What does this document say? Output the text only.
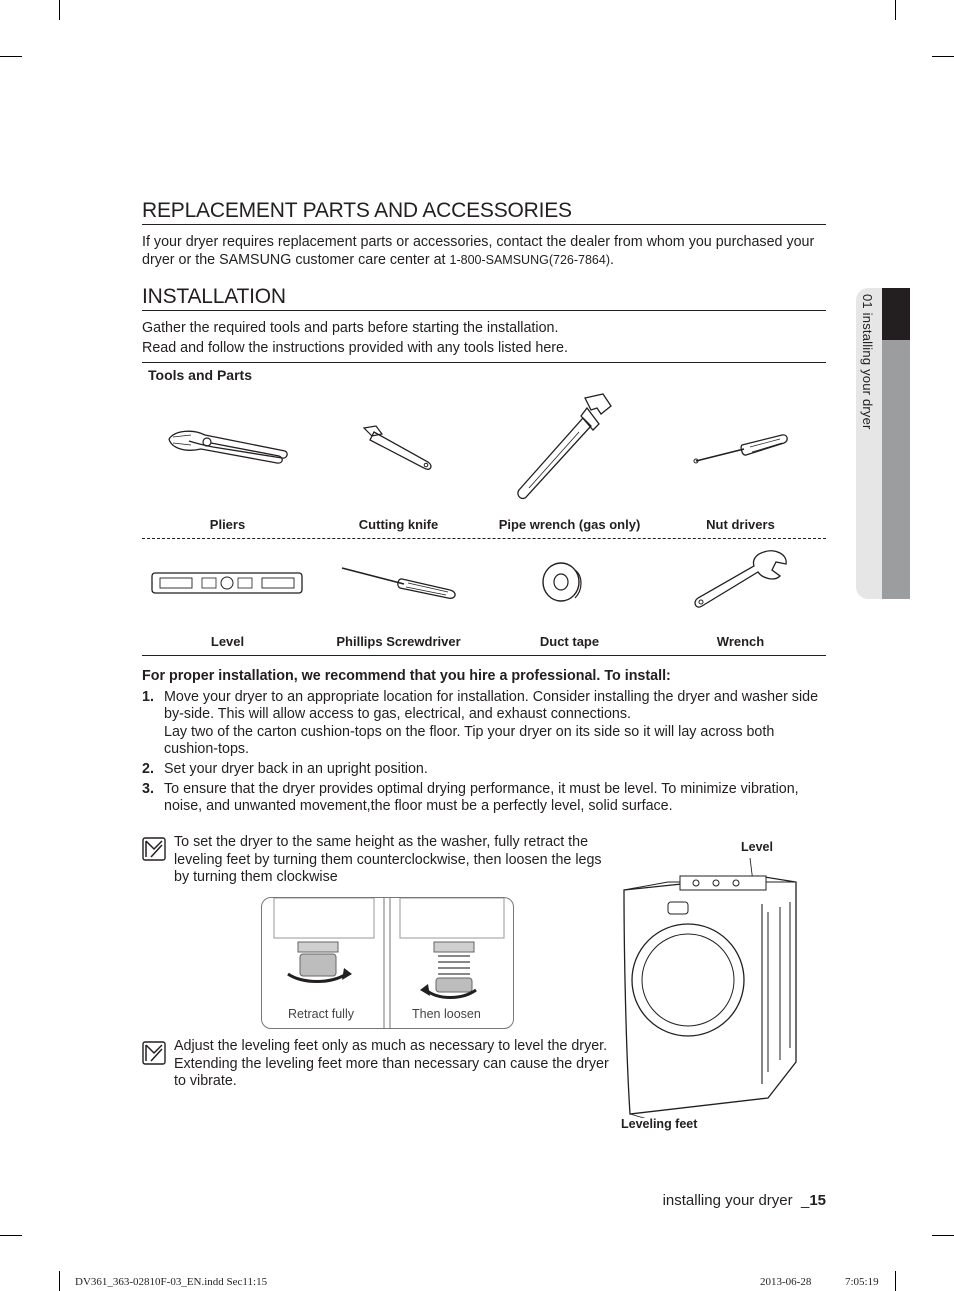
01 installing your dryer
REPLACEMENT PARTS AND ACCESSORIES
If your dryer requires replacement parts or accessories, contact the dealer from whom you purchased your dryer or the SAMSUNG customer care center at 1-800-SAMSUNG(726-7864).
INSTALLATION
Gather the required tools and parts before starting the installation.
Read and follow the instructions provided with any tools listed here.
Tools and Parts
Pliers	Cutting knife	Pipe wrench (gas only)	Nut drivers
Level	Phillips Screwdriver	Duct tape	Wrench
For proper installation, we recommend that you hire a professional. To install:
1. Move your dryer to an appropriate location for installation. Consider installing the dryer and washer side by-side. This will allow access to gas, electrical, and exhaust connections.
Lay two of the carton cushion-tops on the floor. Tip your dryer on its side so it will lay across both cushion-tops.
2. Set your dryer back in an upright position.
3. To ensure that the dryer provides optimal drying performance, it must be level. To minimize vibration, noise, and unwanted movement,the floor must be a perfectly level, solid surface.
To set the dryer to the same height as the washer, fully retract the leveling feet by turning them counterclockwise, then loosen the legs by turning them clockwise
Retract fully	Then loosen
Adjust the leveling feet only as much as necessary to level the dryer. Extending the leveling feet more than necessary can cause the dryer to vibrate.
Level
Leveling feet
installing your dryer  _15
DV361_363-02810F-03_EN.indd Sec11:15	2013-06-28	7:05:19
